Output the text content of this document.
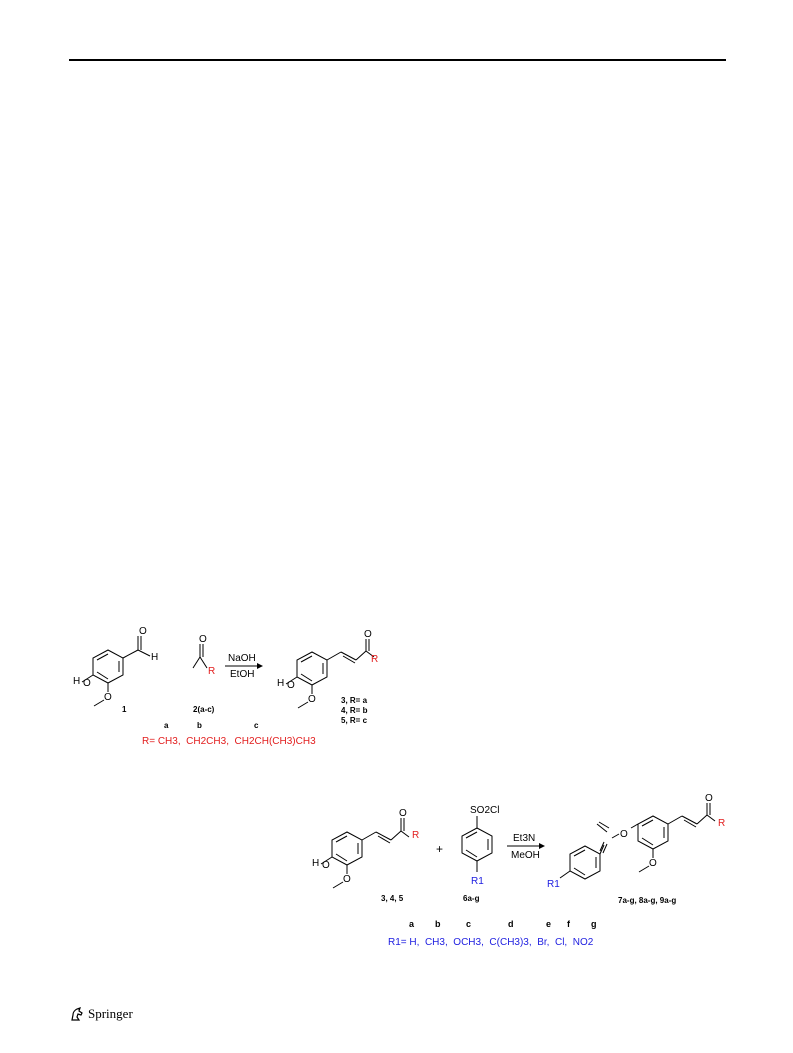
O
H
H O
O
O
R
NaOH
EtOH
H O
O
O
R
1	2(a-c)
3, R= a
4, R= b
5, R= c
a	b	c
R= CH3,  CH2CH3,  CH2CH(CH3)CH3
H O
O
O
R
+
SO2Cl
R1
Et3N
MeOH
O
R
O
O
R1
3, 4, 5	6a-g	7a-g, 8a-g, 9a-g
a b	c	d	e f g
R1= H,  CH3,  OCH3,  C(CH3)3,  Br,  Cl,  NO2
Springer
